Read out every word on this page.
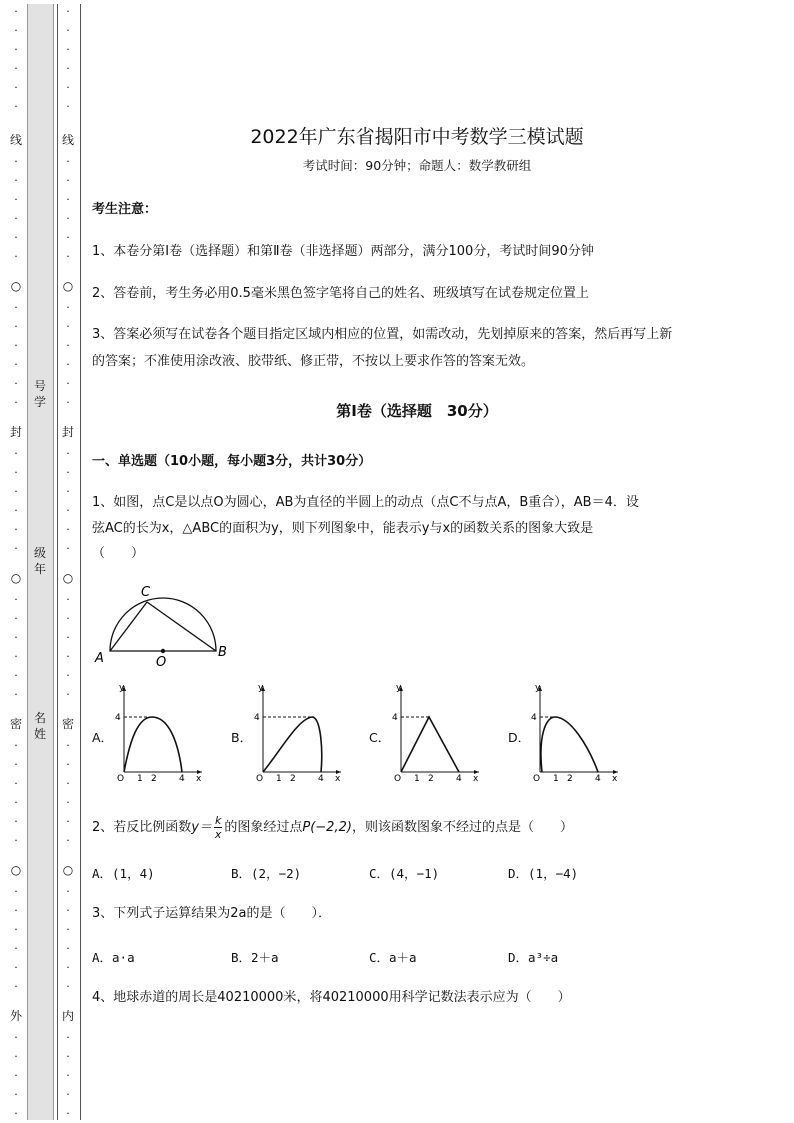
·
·
·
·
·
·
线
·
·
·
·
·
·
○
·
·
·
·
·
·
封
·
·
·
·
·
·
○
·
·
·
·
·
·
密
·
·
·
·
·
·
○
·
·
·
·
·
·
外
·
·
·
·
·
·
·
·
·
·
·
线
·
·
·
·
·
·
○
·
·
·
·
·
·
封
·
·
·
·
·
·
○
·
·
·
·
·
·
密
·
·
·
·
·
·
○
·
·
·
·
·
·
内
·
·
·
·
·
号学
级年
名姓
2022年广东省揭阳市中考数学三模试题
考试时间：90分钟；命题人：数学教研组
考生注意：
1、本卷分第Ⅰ卷（选择题）和第Ⅱ卷（非选择题）两部分，满分100分，考试时间90分钟
2、答卷前，考生务必用0.5毫米黑色签字笔将自己的姓名、班级填写在试卷规定位置上
3、答案必须写在试卷各个题目指定区域内相应的位置，如需改动，先划掉原来的答案，然后再写上新
的答案；不准使用涂改液、胶带纸、修正带，不按以上要求作答的答案无效。
第Ⅰ卷（选择题　30分）
一、单选题（10小题，每小题3分，共计30分）
1、如图，点C是以点O为圆心，AB为直径的半圆上的动点（点C不与点A，B重合），AB＝4．设
弦AC的长为x，△ABC的面积为y，则下列图象中，能表示y与x的函数关系的图象大致是
（　　）
A	B
C
O
A．	B．	C．	D．
y
4
O 1 2 4 x
y
4
O 1 2 4 x
y
4
O 1 2 4 x
y
4
O 1 2 4 x
2、若反比例函数$y= \frac{k}{x}$ 的图象经过点P(−2,2)，则该函数图象不经过的点是（　　）
A．(1，4)	B．(2，−2)	C．(4，−1)	D．(1，−4)
3、下列式子运算结果为2a的是（　　）．
A．a·a	B．2＋a	C．a＋a	D．a³÷a
4、地球赤道的周长是40210000米，将40210000用科学记数法表示应为（　　）
